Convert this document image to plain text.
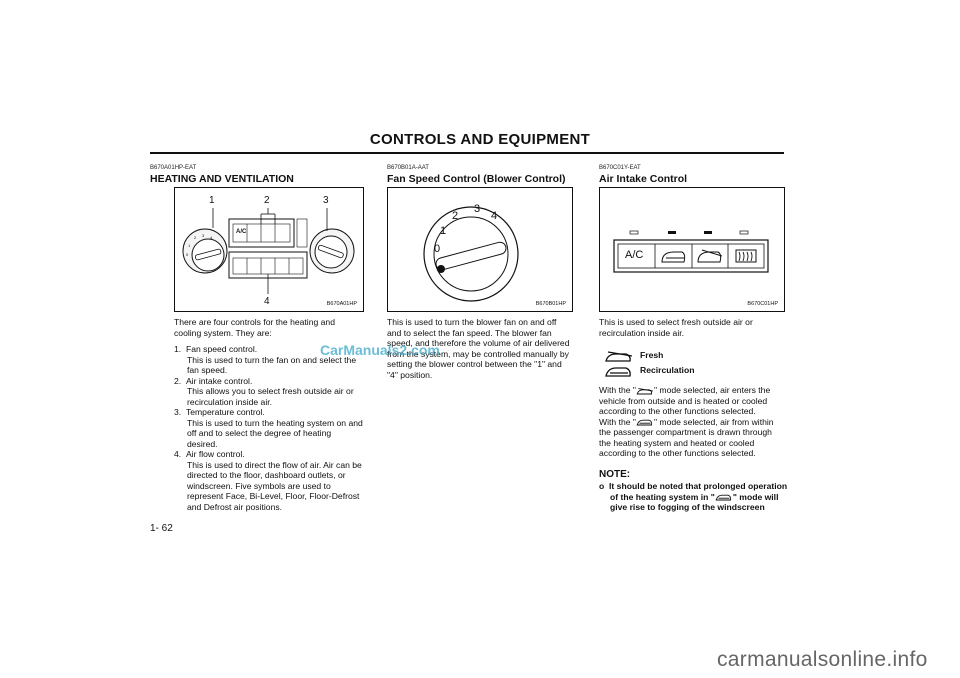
CONTROLS AND EQUIPMENT
B670A01HP-EAT
HEATING AND VENTILATION
1	2	3
4
0
1
2 3 4
A/C
B670A01HP

There are four controls for the heating and cooling system. They are:

1. Fan speed control.
This is used to turn the fan on and select the fan speed.
2. Air intake control.
This allows you to select fresh outside air or recirculation inside air.
3. Temperature control.
This is used to turn the heating system on and off and to select the degree of heating desired.
4. Air flow control.
This is used to direct the flow of air. Air can be directed to the floor, dashboard outlets, or windscreen. Five symbols are used to represent Face, Bi-Level, Floor, Floor-Defrost and Defrost air positions.
1- 62
B670B01A-AAT
Fan Speed Control (Blower Control)
0
1
2
3
4
B670B01HP
This is used to turn the blower fan on and off and to select the fan speed. The blower fan speed, and therefore the volume of air delivered from the system, may be controlled manually by setting the blower control between the "1" and "4" position.
B670C01Y-EAT
Air Intake Control
A/C
B670C01HP
This is used to select fresh outside air or recirculation inside air.
Fresh
Recirculation

With the " " mode selected, air enters the vehicle from outside and is heated or cooled according to the other functions selected.

With the " " mode selected, air from within the passenger compartment is drawn through the heating system and heated or cooled according to the other functions selected.

NOTE:
o It should be noted that prolonged operation of the heating system in " " mode will give rise to fogging of the windscreen
CarManuals2.com
carmanualsonline.info
